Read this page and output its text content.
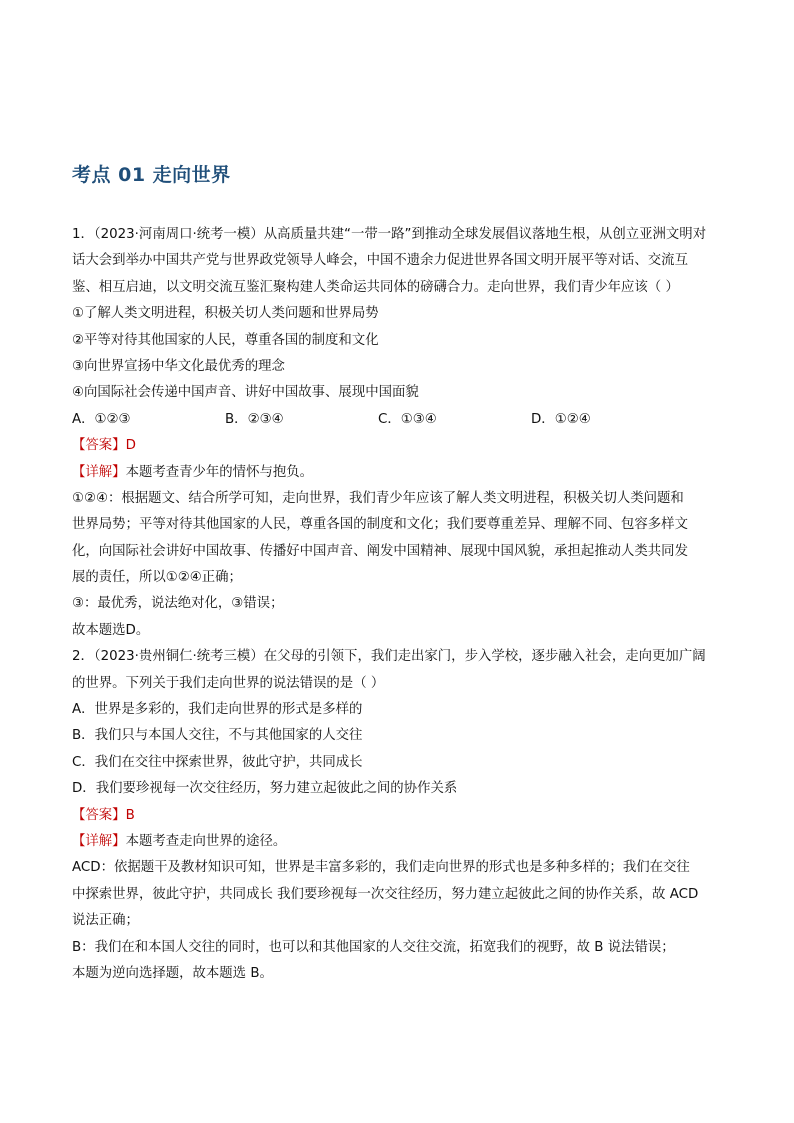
考点 01 走向世界
1．（2023·河南周口·统考一模）从高质量共建“一带一路”到推动全球发展倡议落地生根，从创立亚洲文明对
话大会到举办中国共产党与世界政党领导人峰会，中国不遗余力促进世界各国文明开展平等对话、交流互
鉴、相互启迪，以文明交流互鉴汇聚构建人类命运共同体的磅礴合力。走向世界，我们青少年应该（ ）
①了解人类文明进程，积极关切人类问题和世界局势
②平等对待其他国家的人民，尊重各国的制度和文化
③向世界宣扬中华文化最优秀的理念
④向国际社会传递中国声音、讲好中国故事、展现中国面貌
A．①②③	B．②③④	C．①③④	D．①②④
【答案】D
【详解】本题考查青少年的情怀与抱负。
①②④：根据题文、结合所学可知，走向世界，我们青少年应该了解人类文明进程，积极关切人类问题和
世界局势；平等对待其他国家的人民，尊重各国的制度和文化；我们要尊重差异、理解不同、包容多样文
化，向国际社会讲好中国故事、传播好中国声音、阐发中国精神、展现中国风貌，承担起推动人类共同发
展的责任，所以①②④正确；
③：最优秀，说法绝对化，③错误；
故本题选D。
2．（2023·贵州铜仁·统考三模）在父母的引领下，我们走出家门，步入学校，逐步融入社会，走向更加广阔
的世界。下列关于我们走向世界的说法错误的是（ ）
A．世界是多彩的，我们走向世界的形式是多样的
B．我们只与本国人交往，不与其他国家的人交往
C．我们在交往中探索世界，彼此守护，共同成长
D．我们要珍视每一次交往经历，努力建立起彼此之间的协作关系
【答案】B
【详解】本题考查走向世界的途径。
ACD：依据题干及教材知识可知，世界是丰富多彩的，我们走向世界的形式也是多种多样的；我们在交往
中探索世界，彼此守护，共同成长 我们要珍视每一次交往经历，努力建立起彼此之间的协作关系，故 ACD
说法正确；
B：我们在和本国人交往的同时，也可以和其他国家的人交往交流，拓宽我们的视野，故 B 说法错误；
本题为逆向选择题，故本题选 B。
